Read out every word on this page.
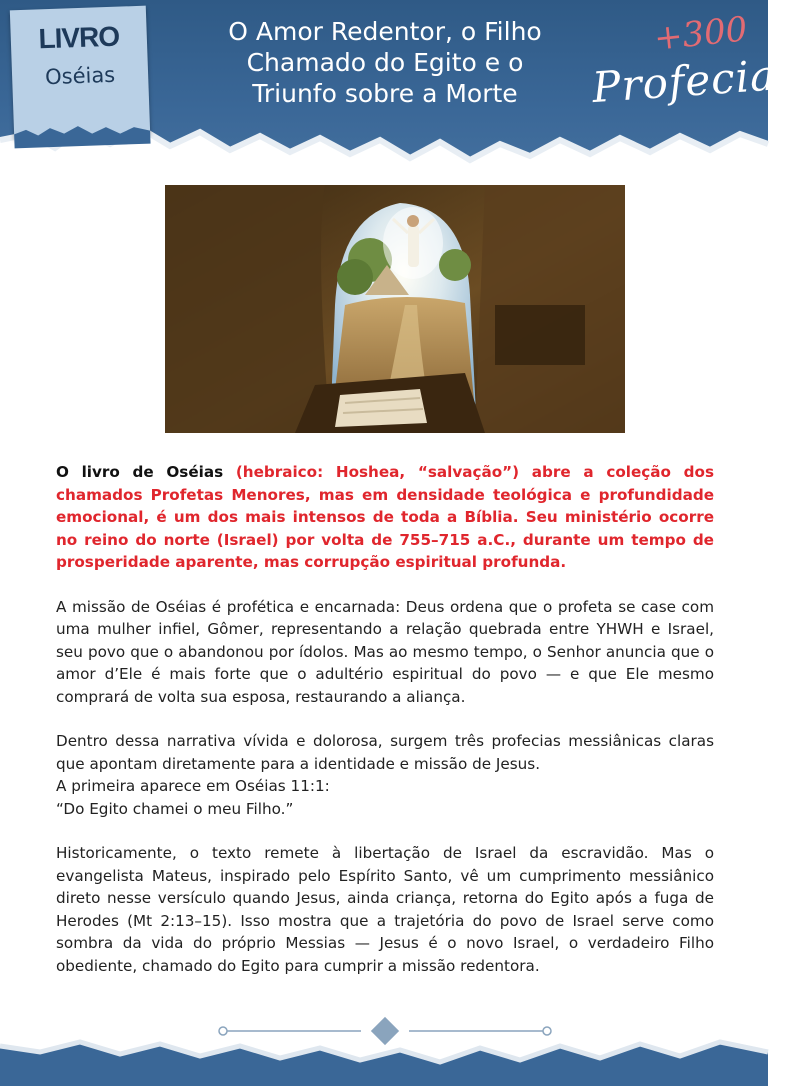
LIVRO
Oséias
O Amor Redentor, o Filho
Chamado do Egito e o
Triunfo sobre a Morte
+300
Profecias

O livro de Oséias (hebraico: Hoshea, “salvação”) abre a coleção dos chamados Profetas Menores, mas em densidade teológica e profundidade emocional, é um dos mais intensos de toda a Bíblia. Seu ministério ocorre no reino do norte (Israel) por volta de 755–715 a.C., durante um tempo de prosperidade aparente, mas corrupção espiritual profunda.

A missão de Oséias é profética e encarnada: Deus ordena que o profeta se case com uma mulher infiel, Gômer, representando a relação quebrada entre YHWH e Israel, seu povo que o abandonou por ídolos. Mas ao mesmo tempo, o Senhor anuncia que o amor d’Ele é mais forte que o adultério espiritual do povo — e que Ele mesmo comprará de volta sua esposa, restaurando a aliança.

Dentro dessa narrativa vívida e dolorosa, surgem três profecias messiânicas claras que apontam diretamente para a identidade e missão de Jesus.
A primeira aparece em Oséias 11:1:
“Do Egito chamei o meu Filho.”

Historicamente, o texto remete à libertação de Israel da escravidão. Mas o evangelista Mateus, inspirado pelo Espírito Santo, vê um cumprimento messiânico direto nesse versículo quando Jesus, ainda criança, retorna do Egito após a fuga de Herodes (Mt 2:13–15). Isso mostra que a trajetória do povo de Israel serve como sombra da vida do próprio Messias — Jesus é o novo Israel, o verdadeiro Filho obediente, chamado do Egito para cumprir a missão redentora.
